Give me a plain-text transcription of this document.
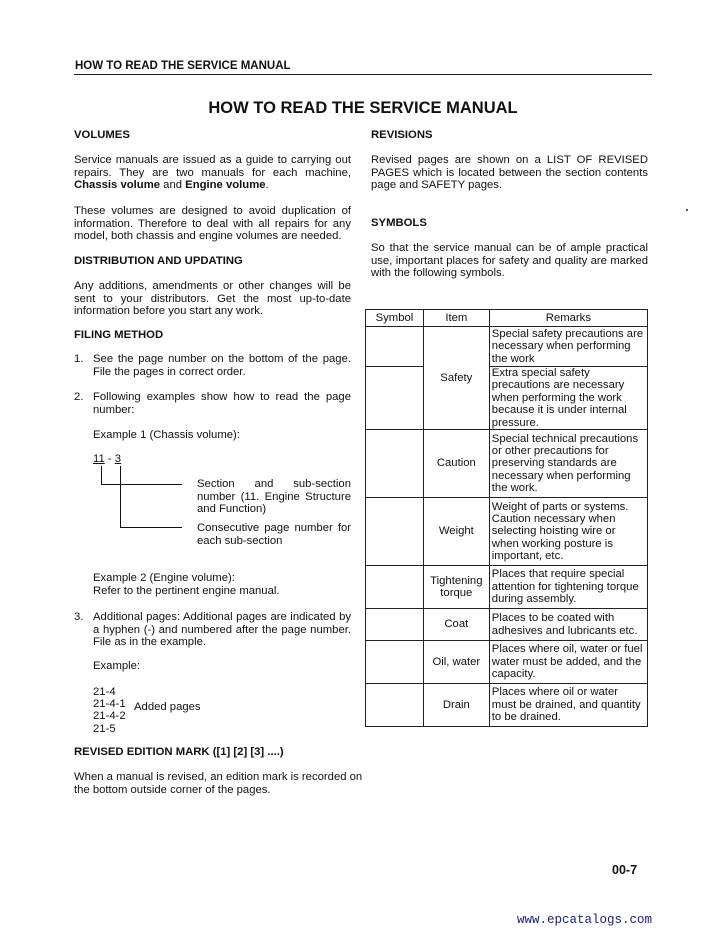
HOW TO READ THE SERVICE MANUAL
HOW TO READ THE SERVICE MANUAL
VOLUMES
Service manuals are issued as a guide to carrying out repairs. They are two manuals for each machine, Chassis volume and Engine volume.
These volumes are designed to avoid duplication of information. Therefore to deal with all repairs for any model, both chassis and engine volumes are needed.
DISTRIBUTION AND UPDATING
Any additions, amendments or other changes will be sent to your distributors. Get the most up-to-date information before you start any work.
FILING METHOD
1. See the page number on the bottom of the page. File the pages in correct order.
2. Following examples show how to read the page number:
Example 1 (Chassis volume):
11 - 3
Section and sub-section number (11. Engine Structure and Function)
Consecutive page number for each sub-section
Example 2 (Engine volume):
Refer to the pertinent engine manual.
3. Additional pages: Additional pages are indicated by a hyphen (-) and numbered after the page number. File as in the example.
Example:
21-4
21-4-1
21-4-2
21-5
Added pages
REVISED EDITION MARK ([1] [2] [3] ....)
When a manual is revised, an edition mark is recorded on the bottom outside corner of the pages.
REVISIONS
Revised pages are shown on a LIST OF REVISED PAGES which is located between the section contents page and SAFETY pages.
SYMBOLS
So that the service manual can be of ample practical use, important places for safety and quality are marked with the following symbols.
Symbol	Item	Remarks
	Safety	Special safety precautions are necessary when performing the work
		Extra special safety precautions are necessary when performing the work because it is under internal pressure.
	Caution	Special technical precautions or other precautions for preserving standards are necessary when performing the work.
	Weight	Weight of parts or systems. Caution necessary when selecting hoisting wire or when working posture is important, etc.
	Tightening torque	Places that require special attention for tightening torque during assembly.
	Coat	Places to be coated with adhesives and lubricants etc.
	Oil, water	Places where oil, water or fuel water must be added, and the capacity.
	Drain	Places where oil or water must be drained, and quantity to be drained.
00-7
www.epcatalogs.com
